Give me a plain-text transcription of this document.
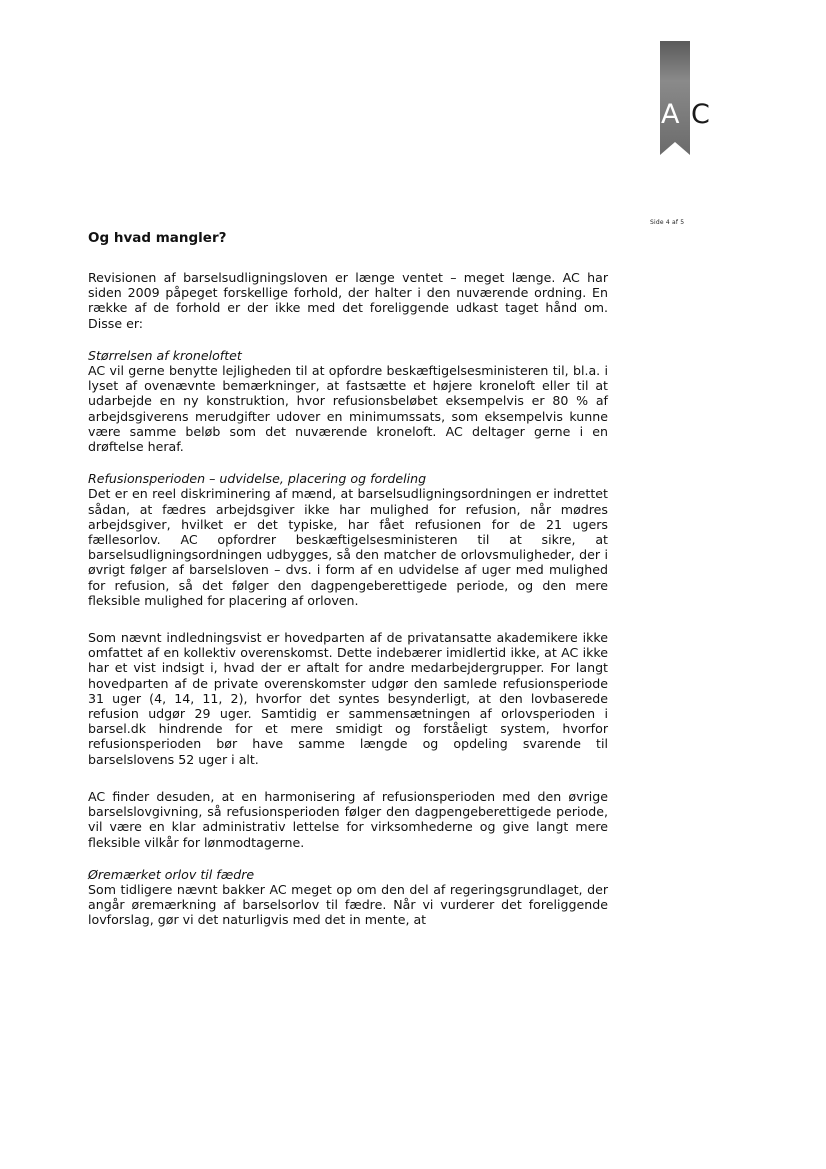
A C
Side 4 af 5
Og hvad mangler?

Revisionen af barselsudligningsloven er længe ventet – meget længe. AC har siden 2009 påpeget forskellige forhold, der halter i den nuværende ordning. En række af de forhold er der ikke med det foreliggende udkast taget hånd om. Disse er:

Størrelsen af kroneloftet

AC vil gerne benytte lejligheden til at opfordre beskæftigelsesministeren til, bl.a. i lyset af ovenævnte bemærkninger, at fastsætte et højere kroneloft eller til at udarbejde en ny konstruktion, hvor refusionsbeløbet eksempelvis er 80 % af arbejdsgiverens merudgifter udover en minimumssats, som eksempelvis kunne være samme beløb som det nuværende kroneloft. AC deltager gerne i en drøftelse heraf.

Refusionsperioden – udvidelse, placering og fordeling

Det er en reel diskriminering af mænd, at barselsudligningsordningen er indrettet sådan, at fædres arbejdsgiver ikke har mulighed for refusion, når mødres arbejdsgiver, hvilket er det typiske, har fået refusionen for de 21 ugers fællesorlov. AC opfordrer beskæftigelsesministeren til at sikre, at barselsudligningsordningen udbygges, så den matcher de orlovsmuligheder, der i øvrigt følger af barselsloven – dvs. i form af en udvidelse af uger med mulighed for refusion, så det følger den dagpengeberettigede periode, og den mere fleksible mulighed for placering af orloven.

Som nævnt indledningsvist er hovedparten af de privatansatte akademikere ikke omfattet af en kollektiv overenskomst. Dette indebærer imidlertid ikke, at AC ikke har et vist indsigt i, hvad der er aftalt for andre medarbejdergrupper. For langt hovedparten af de private overenskomster udgør den samlede refusionsperiode 31 uger (4, 14, 11, 2), hvorfor det syntes besynderligt, at den lovbaserede refusion udgør 29 uger. Samtidig er sammensætningen af orlovsperioden i barsel.dk hindrende for et mere smidigt og forståeligt system, hvorfor refusionsperioden bør have samme længde og opdeling svarende til barselslovens 52 uger i alt.

AC finder desuden, at en harmonisering af refusionsperioden med den øvrige barselslovgivning, så refusionsperioden følger den dagpengeberettigede periode, vil være en klar administrativ lettelse for virksomhederne og give langt mere fleksible vilkår for lønmodtagerne.

Øremærket orlov til fædre

Som tidligere nævnt bakker AC meget op om den del af regeringsgrundlaget, der angår øremærkning af barselsorlov til fædre. Når vi vurderer det foreliggende lovforslag, gør vi det naturligvis med det in mente, at
